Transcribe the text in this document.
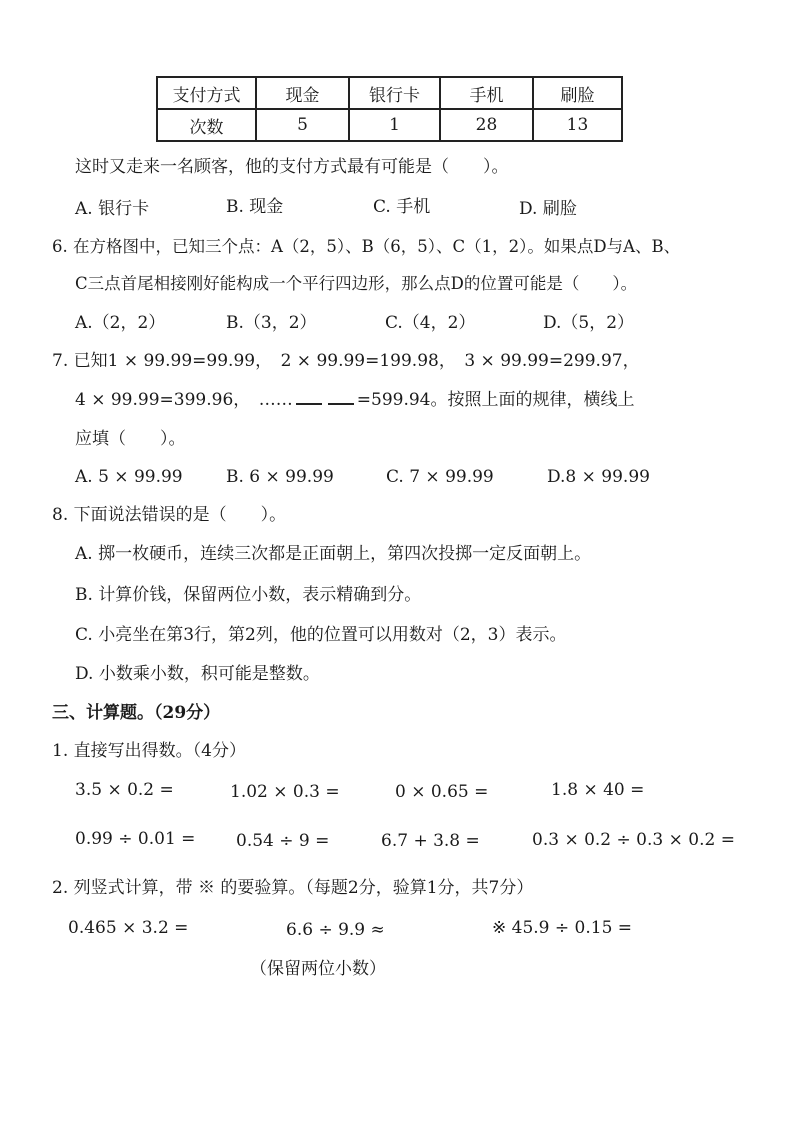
支付方式	现金	银行卡	手机	刷脸
次数	5	1	28	13
这时又走来一名顾客，他的支付方式最有可能是（　　）。
A. 银行卡	B. 现金	C. 手机	D. 刷脸
6. 在方格图中，已知三个点：A（2，5）、B（6，5）、C（1，2）。如果点D与A、B、
C三点首尾相接刚好能构成一个平行四边形，那么点D的位置可能是（　　）。
A.（2，2）	B.（3，2）	C.（4，2）	D.（5，2）
7. 已知1 × 99.99=99.99，　2 × 99.99=199.98，　3 × 99.99=299.97，
4 × 99.99=399.96，　……	=599.94。按照上面的规律，横线上
应填（　　）。
A. 5 × 99.99	B. 6 × 99.99	C. 7 × 99.99	D.8 × 99.99
8. 下面说法错误的是（　　）。
A. 掷一枚硬币，连续三次都是正面朝上，第四次投掷一定反面朝上。
B. 计算价钱，保留两位小数，表示精确到分。
C. 小亮坐在第3行，第2列，他的位置可以用数对（2，3）表示。
D. 小数乘小数，积可能是整数。
三、计算题。（29分）
1. 直接写出得数。（4分）
3.5 × 0.2 =	1.02 × 0.3 =	0 × 0.65 =	1.8 × 40 =
0.99 ÷ 0.01 = 0.54 ÷ 9 =	6.7 + 3.8 =	0.3 × 0.2 ÷ 0.3 × 0.2 =
2. 列竖式计算，带 ※ 的要验算。（每题2分，验算1分，共7分）
0.465 × 3.2 =	6.6 ÷ 9.9 ≈	※ 45.9 ÷ 0.15 =
（保留两位小数）
